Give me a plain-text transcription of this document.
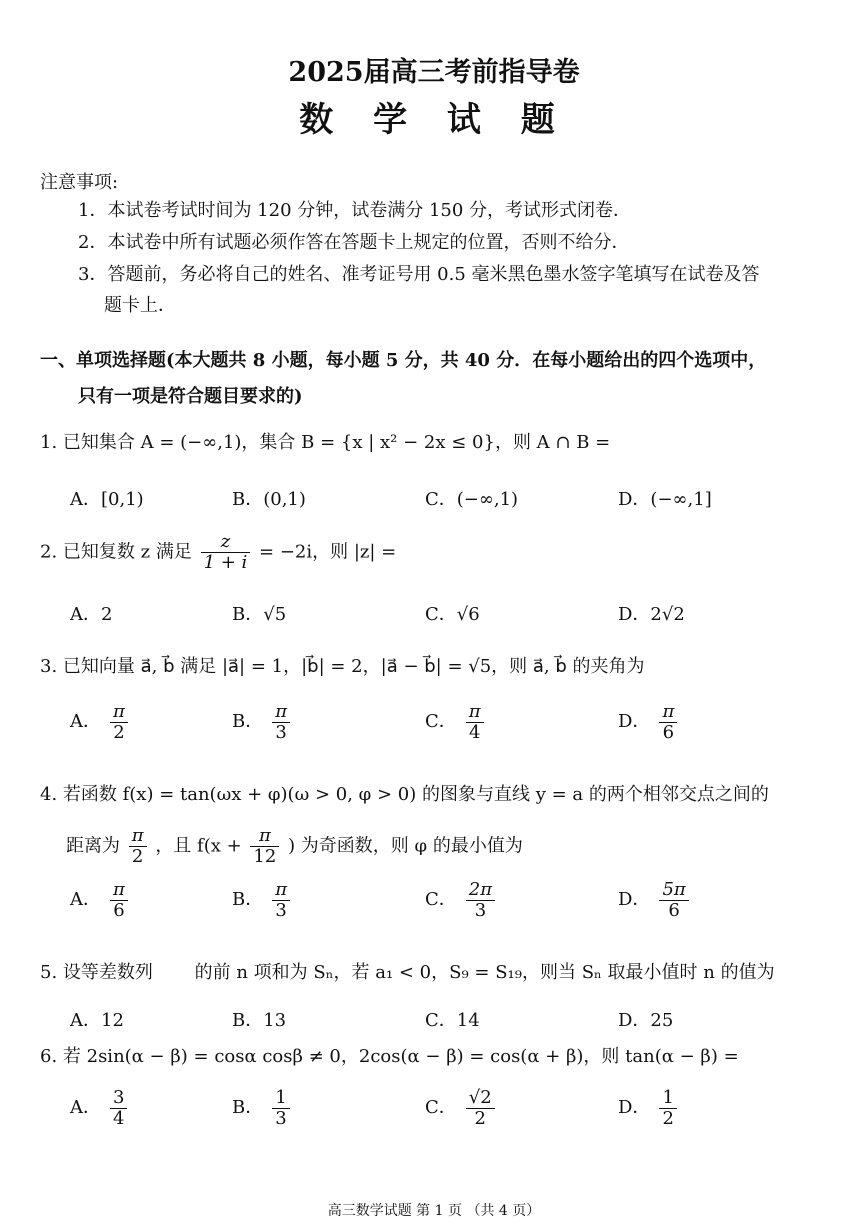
2025届高三考前指导卷
数 学 试 题
注意事项:
1．本试卷考试时间为 120 分钟，试卷满分 150 分，考试形式闭卷．
2．本试卷中所有试题必须作答在答题卡上规定的位置，否则不给分．
3．答题前，务必将自己的姓名、准考证号用 0.5 毫米黑色墨水签字笔填写在试卷及答
题卡上．
一、单项选择题(本大题共 8 小题，每小题 5 分，共 40 分．在每小题给出的四个选项中，
只有一项是符合题目要求的)
1. 已知集合 A = (−∞,1)，集合 B = {x | x² − 2x ≤ 0}，则 A ∩ B =
A．[0,1)	B．(0,1)	C．(−∞,1)	D．(−∞,1]
2. 已知复数 z 满足 $\frac{z}{1 + i} = -2i$，则 |z| =
A．2	B．√5	C．√6	D．2√2
3. 已知向量 a⃗, b⃗ 满足 |a⃗| = 1，|b⃗| = 2，|a⃗ − b⃗| = √5，则 a⃗, b⃗ 的夹角为
A． $\frac{\pi}{2}$	B． $\frac{\pi}{3}$	C． $\frac{\pi}{4}$	D． $\frac{\pi}{6}$
4. 若函数 f(x) = tan(ωx + φ)(ω > 0, φ > 0) 的图象与直线 y = a 的两个相邻交点之间的
距离为 $\frac{\pi}{2}$ ，且 $f(x + \frac{\pi}{12}$ ) 为奇函数，则 φ 的最小值为
A． $\frac{\pi}{6}$	B． $\frac{\pi}{3}$	C． $\frac{2\pi}{3}$	D． $\frac{5\pi}{6}$
5. 设等差数列　　 的前 n 项和为 Sₙ，若 a₁ < 0，S₉ = S₁₉，则当 Sₙ 取最小值时 n 的值为
A．12	B．13	C．14	D．25
6. 若 2sin(α − β) = cosα cosβ ≠ 0，2cos(α − β) = cos(α + β)，则 tan(α − β) =
A． $\frac{3}{4}$	B． $\frac{1}{3}$	C． $\frac{√2}{2}$	D． $\frac{1}{2}$
高三数学试题 第 1 页 （共 4 页）
